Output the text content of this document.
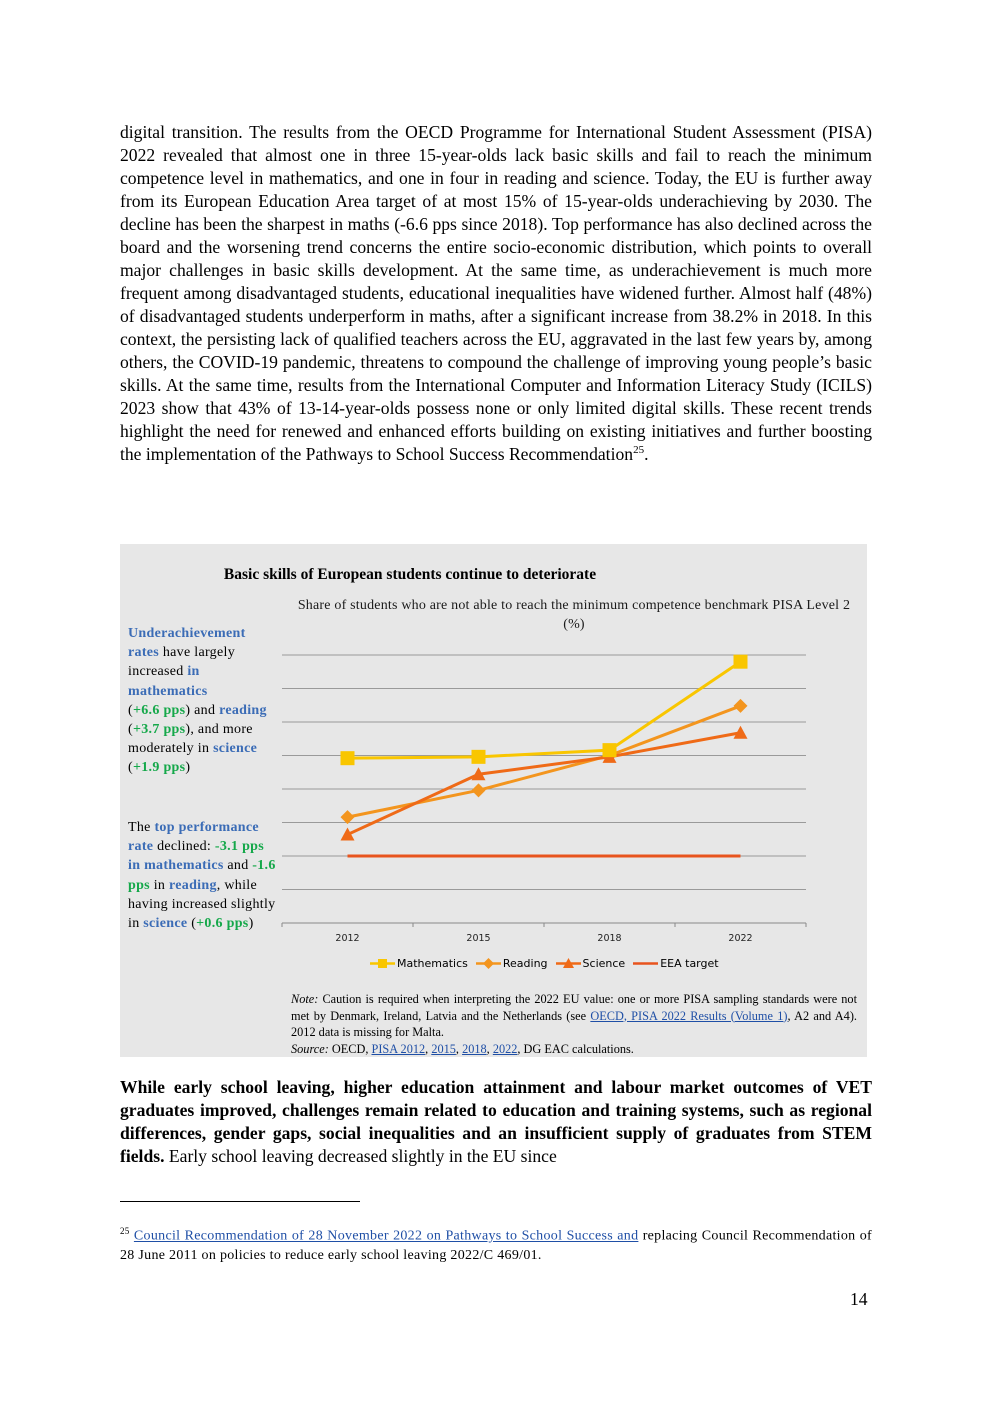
digital transition. The results from the OECD Programme for International Student Assessment (PISA) 2022 revealed that almost one in three 15-year-olds lack basic skills and fail to reach the minimum competence level in mathematics, and one in four in reading and science. Today, the EU is further away from its European Education Area target of at most 15% of 15-year-olds underachieving by 2030. The decline has been the sharpest in maths (-6.6 pps since 2018). Top performance has also declined across the board and the worsening trend concerns the entire socio-economic distribution, which points to overall major challenges in basic skills development. At the same time, as underachievement is much more frequent among disadvantaged students, educational inequalities have widened further. Almost half (48%) of disadvantaged students underperform in maths, after a significant increase from 38.2% in 2018. In this context, the persisting lack of qualified teachers across the EU, aggravated in the last few years by, among others, the COVID-19 pandemic, threatens to compound the challenge of improving young people’s basic skills. At the same time, results from the International Computer and Information Literacy Study (ICILS) 2023 show that 43% of 13-14-year-olds possess none or only limited digital skills. These recent trends highlight the need for renewed and enhanced efforts building on existing initiatives and further boosting the implementation of the Pathways to School Success Recommendation$^{25}$.

Basic skills of European students continue to deteriorate
Underachievement rates have largely increased in mathematics
(+6.6 pps) and reading (+3.7 pps), and more moderately in science (+1.9 pps)
The top performance rate declined: -3.1 pps in mathematics and -1.6 pps in reading, while having increased slightly in science (+0.6 pps)
Share of students who are not able to reach the minimum competence benchmark PISA Level 2 (%)
2012	2015	2018	2022
Mathematics	Reading	Science	EEA target

Note: Caution is required when interpreting the 2022 EU value: one or more PISA sampling standards were not met by Denmark, Ireland, Latvia and the Netherlands (see OECD, PISA 2022 Results (Volume 1), A2 and A4). 2012 data is missing for Malta.
Source: OECD, PISA 2012, 2015, 2018, 2022, DG EAC calculations.

While early school leaving, higher education attainment and labour market outcomes of VET graduates improved, challenges remain related to education and training systems, such as regional differences, gender gaps, social inequalities and an insufficient supply of graduates from STEM fields. Early school leaving decreased slightly in the EU since

$^{25}$ Council Recommendation of 28 November 2022 on Pathways to School Success and replacing Council Recommendation of 28 June 2011 on policies to reduce early school leaving 2022/C 469/01.

14
